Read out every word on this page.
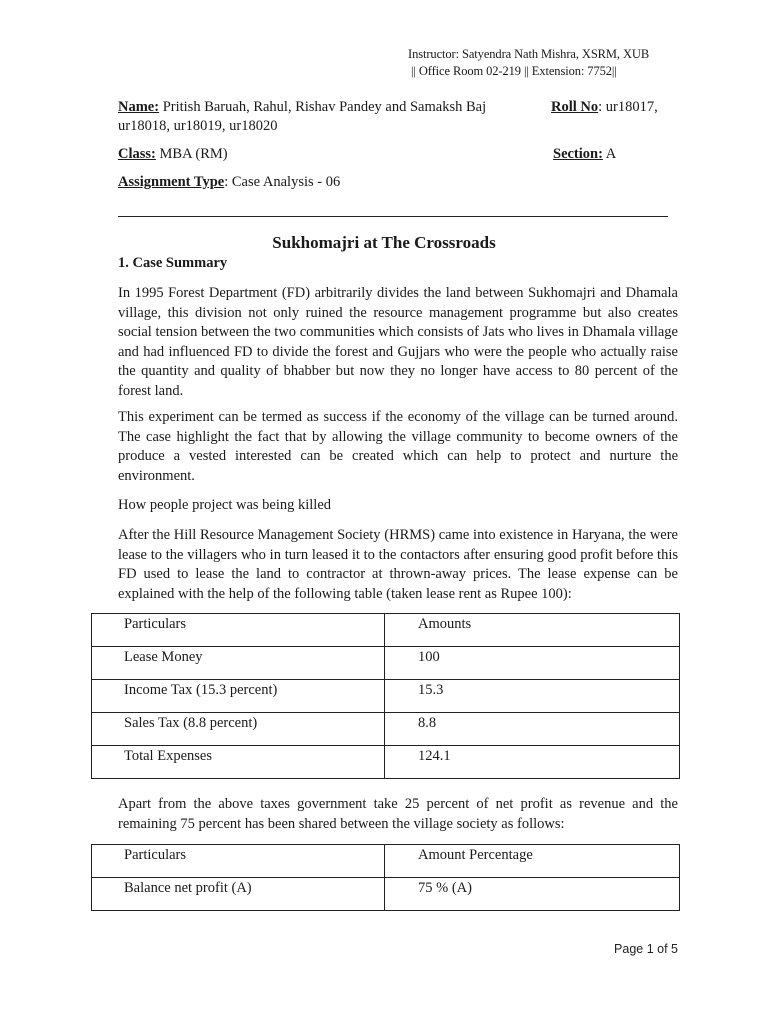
Instructor: Satyendra Nath Mishra, XSRM, XUB
|| Office Room 02-219 || Extension: 7752||
Name: Pritish Baruah, Rahul, Rishav Pandey and Samaksh Baj	Roll No: ur18017,
ur18018, ur18019, ur18020
Class: MBA (RM)	Section: A
Assignment Type: Case Analysis - 06
Sukhomajri at The Crossroads
1. Case Summary
In 1995 Forest Department (FD) arbitrarily divides the land between Sukhomajri and Dhamala village, this division not only ruined the resource management programme but also creates social tension between the two communities which consists of Jats who lives in Dhamala village and had influenced FD to divide the forest and Gujjars who were the people who actually raise the quantity and quality of bhabber but now they no longer have access to 80 percent of the forest land.
This experiment can be termed as success if the economy of the village can be turned around. The case highlight the fact that by allowing the village community to become owners of the produce a vested interested can be created which can help to protect and nurture the environment.
How people project was being killed
After the Hill Resource Management Society (HRMS) came into existence in Haryana, the were lease to the villagers who in turn leased it to the contactors after ensuring good profit before this FD used to lease the land to contractor at thrown-away prices. The lease expense can be explained with the help of the following table (taken lease rent as Rupee 100):
Particulars	Amounts
Lease Money	100
Income Tax (15.3 percent)	15.3
Sales Tax (8.8 percent)	8.8
Total Expenses	124.1
Apart from the above taxes government take 25 percent of net profit as revenue and the remaining 75 percent has been shared between the village society as follows:
Particulars	Amount Percentage
Balance net profit (A)	75 % (A)
Page 1 of 5
